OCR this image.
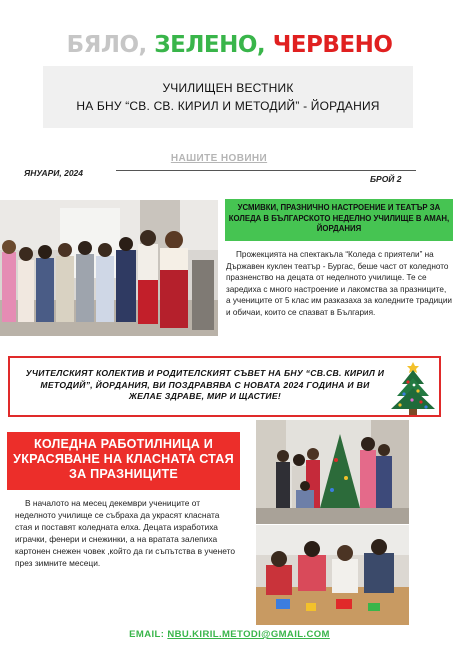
БЯЛО, ЗЕЛЕНО, ЧЕРВЕНО
УЧИЛИЩЕН ВЕСТНИК
НА БНУ “СВ. СВ. КИРИЛ И МЕТОДИЙ” - ЙОРДАНИЯ
НАШИТЕ НОВИНИ
ЯНУАРИ, 2024
БРОЙ 2
УСМИВКИ, ПРАЗНИЧНО НАСТРОЕНИЕ И ТЕАТЪР ЗА КОЛЕДА В БЪЛГАРСКОТО НЕДЕЛНО УЧИЛИЩЕ В АМАН, ЙОРДАНИЯ

Прожекцията на спектакъла “Коледа с приятели” на Държавен куклен театър - Бургас, беше част от коледното празненство на децата от неделното училище. Те се заредиха с много настроение и лакомства за празниците, а учениците от 5 клас им разказаха за коледните традиции и обичаи, които се спазват в България.

УЧИТЕЛСКИЯТ КОЛЕКТИВ И РОДИТЕЛСКИЯТ СЪВЕТ НА БНУ “СВ.СВ. КИРИЛ И МЕТОДИЙ”, ЙОРДАНИЯ, ВИ ПОЗДРАВЯВА С НОВАТА 2024 ГОДИНА И ВИ ЖЕЛАЕ ЗДРАВЕ, МИР И ЩАСТИЕ!

КОЛЕДНА РАБОТИЛНИЦА И УКРАСЯВАНЕ НА КЛАСНАТА СТАЯ ЗА ПРАЗНИЦИТЕ

В началото на месец декември учениците от неделното училище се събраха да украсят класната стая и поставят коледната елха. Децата изработиха играчки, фенери и снежинки, а на вратата залепиха картонен снежен човек ,който да ги съпътства в ученето през зимните месеци.

EMAIL: NBU.KIRIL.METODI@GMAIL.COM
